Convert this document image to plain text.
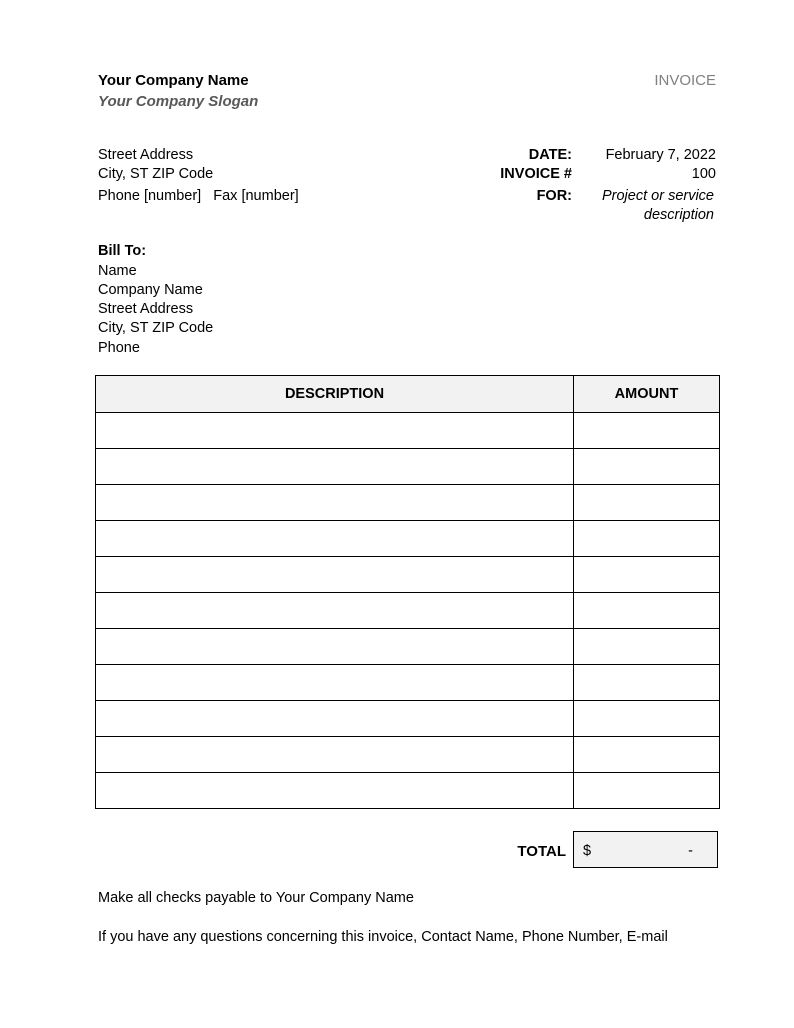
Your Company Name
Your Company Slogan
INVOICE
Street Address
City, ST ZIP Code
Phone [number]   Fax [number]
DATE: February 7, 2022
INVOICE #	100
FOR: Project or service
description
Bill To:
Name
Company Name
Street Address
City, ST ZIP Code
Phone
DESCRIPTION	AMOUNT

TOTAL $	-
Make all checks payable to Your Company Name
If you have any questions concerning this invoice, Contact Name, Phone Number, E-mail
